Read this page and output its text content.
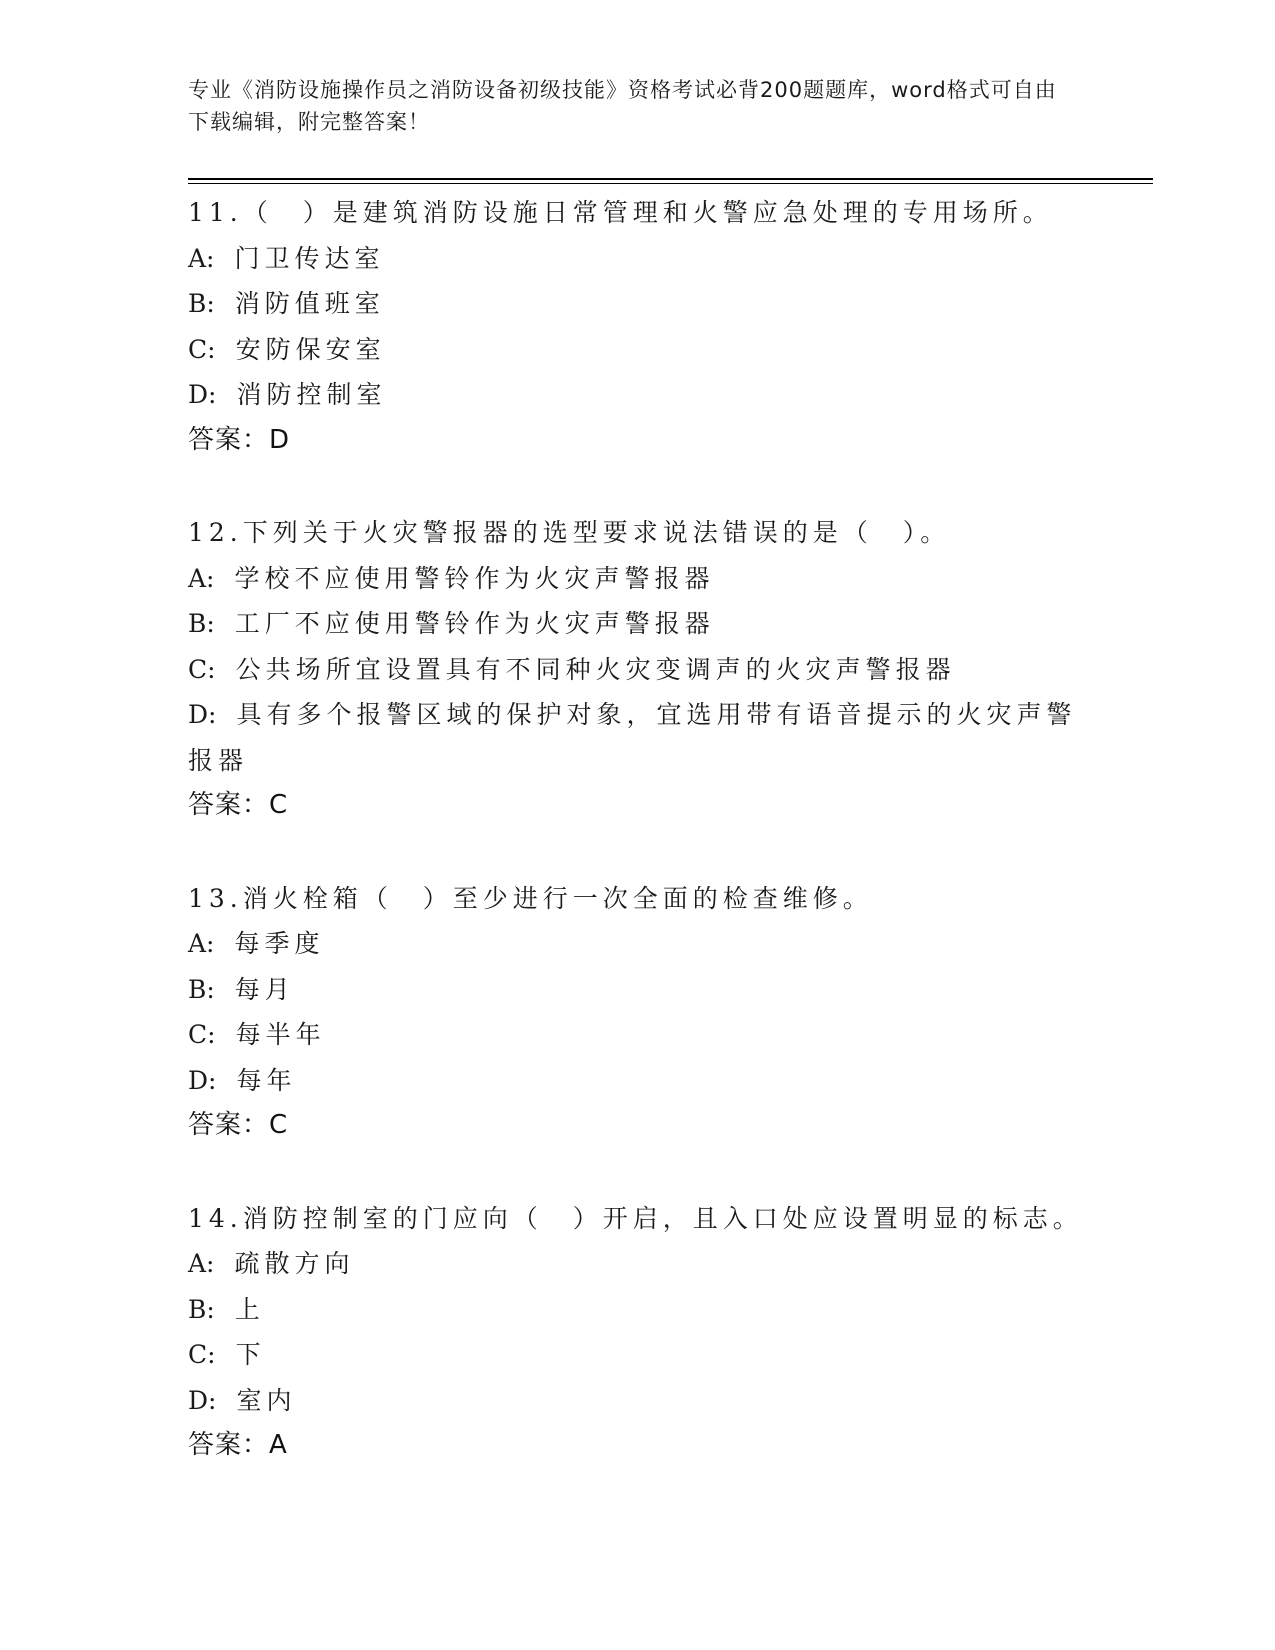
专业《消防设施操作员之消防设备初级技能》资格考试必背200题题库，word格式可自由下载编辑，附完整答案！
11.（　）是建筑消防设施日常管理和火警应急处理的专用场所。
A: 门卫传达室
B: 消防值班室
C: 安防保安室
D: 消防控制室
答案：D
12.下列关于火灾警报器的选型要求说法错误的是（　）。
A: 学校不应使用警铃作为火灾声警报器
B: 工厂不应使用警铃作为火灾声警报器
C: 公共场所宜设置具有不同种火灾变调声的火灾声警报器
D: 具有多个报警区域的保护对象，宜选用带有语音提示的火灾声警报器
答案：C
13.消火栓箱（　）至少进行一次全面的检查维修。
A: 每季度
B: 每月
C: 每半年
D: 每年
答案：C
14.消防控制室的门应向（　）开启，且入口处应设置明显的标志。
A: 疏散方向
B: 上
C: 下
D: 室内
答案：A
